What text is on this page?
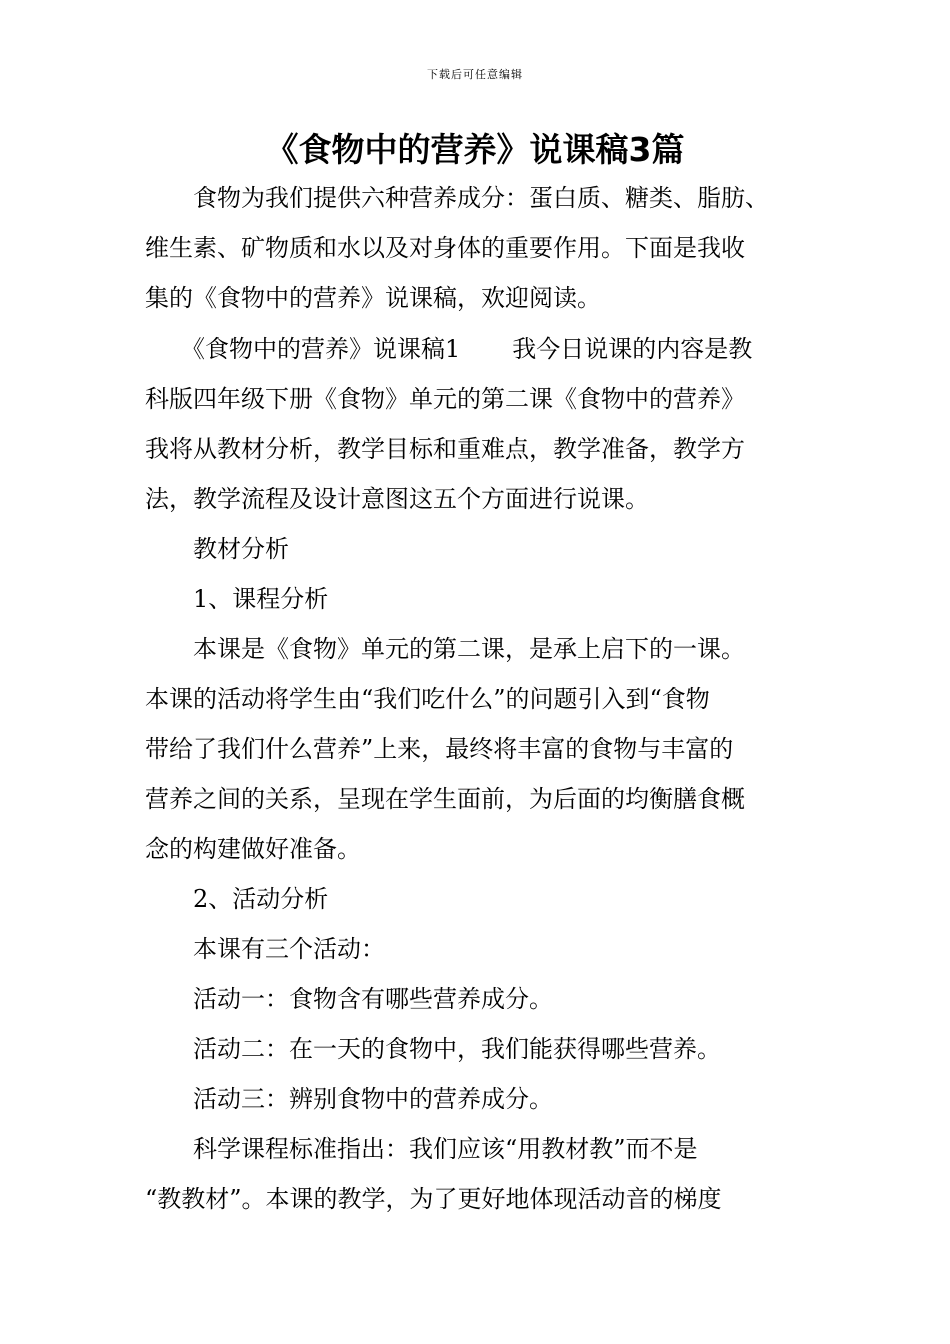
下载后可任意编辑
《食物中的营养》说课稿3篇
　　食物为我们提供六种营养成分：蛋白质、糖类、脂肪、
维生素、矿物质和水以及对身体的重要作用。下面是我收
集的《食物中的营养》说课稿，欢迎阅读。
　　《食物中的营养》说课稿1 我今日说课的内容是教
科版四年级下册《食物》单元的第二课《食物中的营养》
我将从教材分析，教学目标和重难点，教学准备，教学方
法，教学流程及设计意图这五个方面进行说课。
　　教材分析
　　1、课程分析
　　本课是《食物》单元的第二课，是承上启下的一课。
本课的活动将学生由“我们吃什么”的问题引入到“食物
带给了我们什么营养”上来，最终将丰富的食物与丰富的
营养之间的关系，呈现在学生面前，为后面的均衡膳食概
念的构建做好准备。
　　2、活动分析
　　本课有三个活动：
　　活动一：食物含有哪些营养成分。
　　活动二：在一天的食物中，我们能获得哪些营养。
　　活动三：辨别食物中的营养成分。
　　科学课程标准指出：我们应该“用教材教”而不是
“教教材”。本课的教学，为了更好地体现活动音的梯度
